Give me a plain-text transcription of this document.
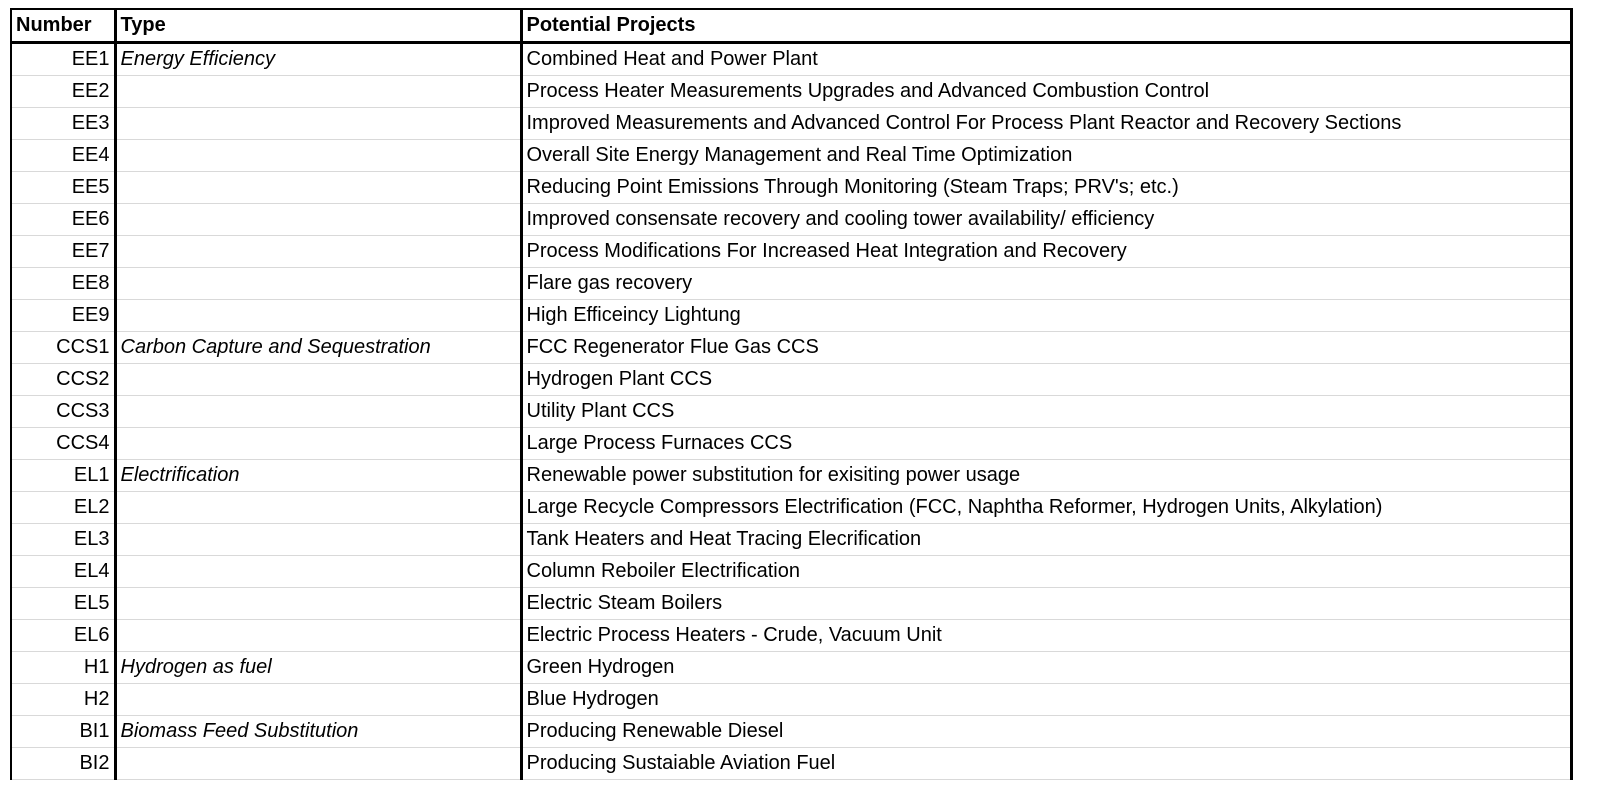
Number	Type	Potential Projects
EE1	Energy Efficiency	Combined Heat and Power Plant
EE2		Process Heater Measurements Upgrades and Advanced Combustion Control
EE3		Improved Measurements and Advanced Control For Process Plant Reactor and Recovery Sections
EE4		Overall Site Energy Management and Real Time Optimization
EE5		Reducing Point Emissions Through Monitoring (Steam Traps; PRV's; etc.)
EE6		Improved consensate recovery and cooling tower availability/ efficiency
EE7		Process Modifications For Increased Heat Integration and Recovery
EE8		Flare gas recovery
EE9		High Efficeincy Lightung
CCS1	Carbon Capture and Sequestration	FCC Regenerator Flue Gas CCS
CCS2		Hydrogen Plant CCS
CCS3		Utility Plant CCS
CCS4		Large Process Furnaces CCS
EL1	Electrification	Renewable power substitution for exisiting power usage
EL2		Large Recycle Compressors Electrification (FCC, Naphtha Reformer, Hydrogen Units, Alkylation)
EL3		Tank Heaters and Heat Tracing Elecrification
EL4		Column Reboiler Electrification
EL5		Electric Steam Boilers
EL6		Electric Process Heaters - Crude, Vacuum Unit
H1	Hydrogen as fuel	Green Hydrogen
H2		Blue Hydrogen
BI1	Biomass Feed Substitution	Producing Renewable Diesel
BI2		Producing Sustaiable Aviation Fuel
